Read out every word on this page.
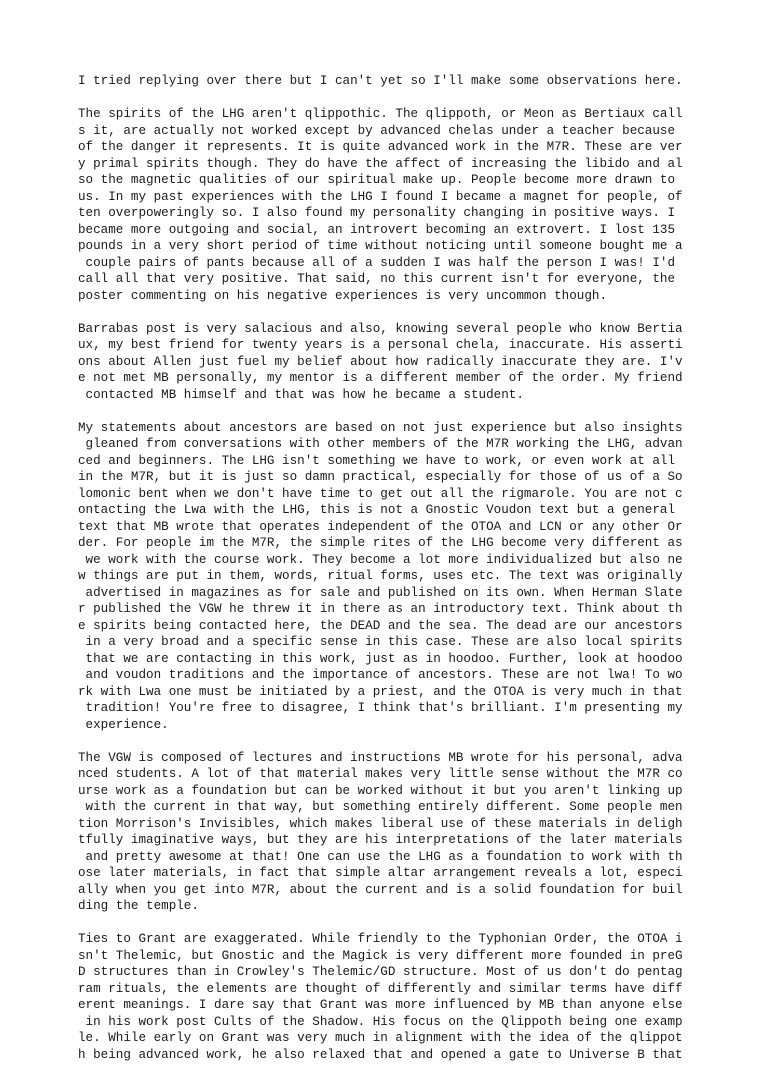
I tried replying over there but I can't yet so I'll make some observations here.
The spirits of the LHG aren't qlippothic. The qlippoth, or Meon as Bertiaux call
s it, are actually not worked except by advanced chelas under a teacher because
of the danger it represents. It is quite advanced work in the M7R. These are ver
y primal spirits though. They do have the affect of increasing the libido and al
so the magnetic qualities of our spiritual make up. People become more drawn to
us. In my past experiences with the LHG I found I became a magnet for people, of
ten overpoweringly so. I also found my personality changing in positive ways. I
became more outgoing and social, an introvert becoming an extrovert. I lost 135
pounds in a very short period of time without noticing until someone bought me a
couple pairs of pants because all of a sudden I was half the person I was! I'd
call all that very positive. That said, no this current isn't for everyone, the
poster commenting on his negative experiences is very uncommon though.
Barrabas post is very salacious and also, knowing several people who know Bertia
ux, my best friend for twenty years is a personal chela, inaccurate. His asserti
ons about Allen just fuel my belief about how radically inaccurate they are. I'v
e not met MB personally, my mentor is a different member of the order. My friend
contacted MB himself and that was how he became a student.
My statements about ancestors are based on not just experience but also insights
gleaned from conversations with other members of the M7R working the LHG, advan
ced and beginners. The LHG isn't something we have to work, or even work at all
in the M7R, but it is just so damn practical, especially for those of us of a So
lomonic bent when we don't have time to get out all the rigmarole. You are not c
ontacting the Lwa with the LHG, this is not a Gnostic Voudon text but a general
text that MB wrote that operates independent of the OTOA and LCN or any other Or
der. For people im the M7R, the simple rites of the LHG become very different as
we work with the course work. They become a lot more individualized but also ne
w things are put in them, words, ritual forms, uses etc. The text was originally
advertised in magazines as for sale and published on its own. When Herman Slate
r published the VGW he threw it in there as an introductory text. Think about th
e spirits being contacted here, the DEAD and the sea. The dead are our ancestors
in a very broad and a specific sense in this case. These are also local spirits
that we are contacting in this work, just as in hoodoo. Further, look at hoodoo
and voudon traditions and the importance of ancestors. These are not lwa! To wo
rk with Lwa one must be initiated by a priest, and the OTOA is very much in that
tradition! You're free to disagree, I think that's brilliant. I'm presenting my
experience.
The VGW is composed of lectures and instructions MB wrote for his personal, adva
nced students. A lot of that material makes very little sense without the M7R co
urse work as a foundation but can be worked without it but you aren't linking up
with the current in that way, but something entirely different. Some people men
tion Morrison's Invisibles, which makes liberal use of these materials in deligh
tfully imaginative ways, but they are his interpretations of the later materials
and pretty awesome at that! One can use the LHG as a foundation to work with th
ose later materials, in fact that simple altar arrangement reveals a lot, especi
ally when you get into M7R, about the current and is a solid foundation for buil
ding the temple.
Ties to Grant are exaggerated. While friendly to the Typhonian Order, the OTOA i
sn't Thelemic, but Gnostic and the Magick is very different more founded in preG
D structures than in Crowley's Thelemic/GD structure. Most of us don't do pentag
ram rituals, the elements are thought of differently and similar terms have diff
erent meanings. I dare say that Grant was more influenced by MB than anyone else
in his work post Cults of the Shadow. His focus on the Qlippoth being one examp
le. While early on Grant was very much in alignment with the idea of the qlippot
h being advanced work, he also relaxed that and opened a gate to Universe B that
